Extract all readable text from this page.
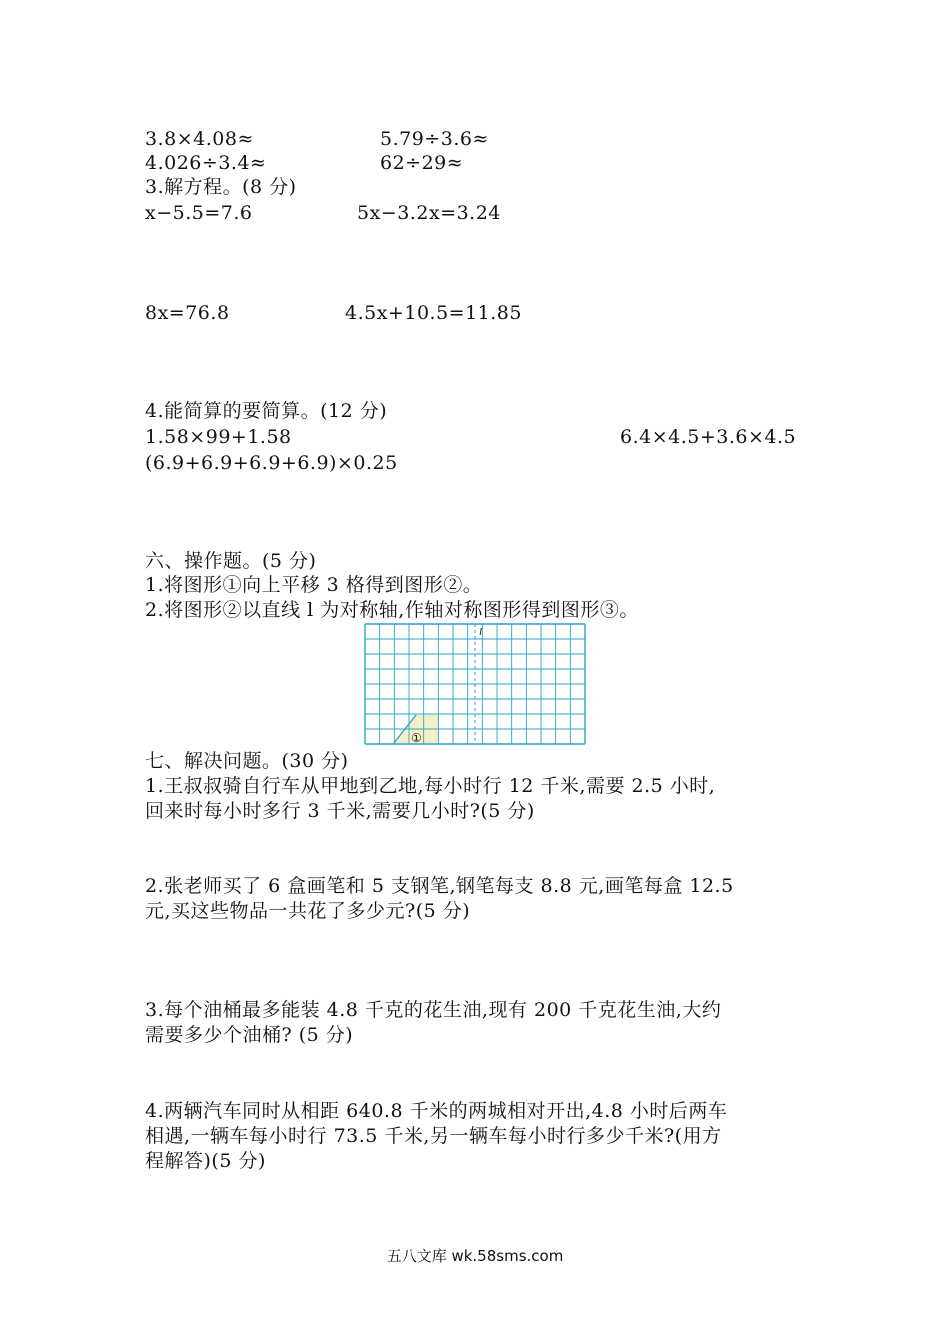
3.8×4.08≈	5.79÷3.6≈
4.026÷3.4≈	62÷29≈
3.解方程。(8 分)
x−5.5=7.6	5x−3.2x=3.24
8x=76.8	4.5x+10.5=11.85
4.能简算的要简算。(12 分)
1.58×99+1.58	6.4×4.5+3.6×4.5
(6.9+6.9+6.9+6.9)×0.25
六、操作题。(5 分)
1.将图形①向上平移 3 格得到图形②。
2.将图形②以直线 l 为对称轴,作轴对称图形得到图形③。
l
①
七、解决问题。(30 分)
1.王叔叔骑自行车从甲地到乙地,每小时行 12 千米,需要 2.5 小时,
回来时每小时多行 3 千米,需要几小时?(5 分)
2.张老师买了 6 盒画笔和 5 支钢笔,钢笔每支 8.8 元,画笔每盒 12.5
元,买这些物品一共花了多少元?(5 分)
3.每个油桶最多能装 4.8 千克的花生油,现有 200 千克花生油,大约
需要多少个油桶? (5 分)
4.两辆汽车同时从相距 640.8 千米的两城相对开出,4.8 小时后两车
相遇,一辆车每小时行 73.5 千米,另一辆车每小时行多少千米?(用方
程解答)(5 分)
五八文库 wk.58sms.com
